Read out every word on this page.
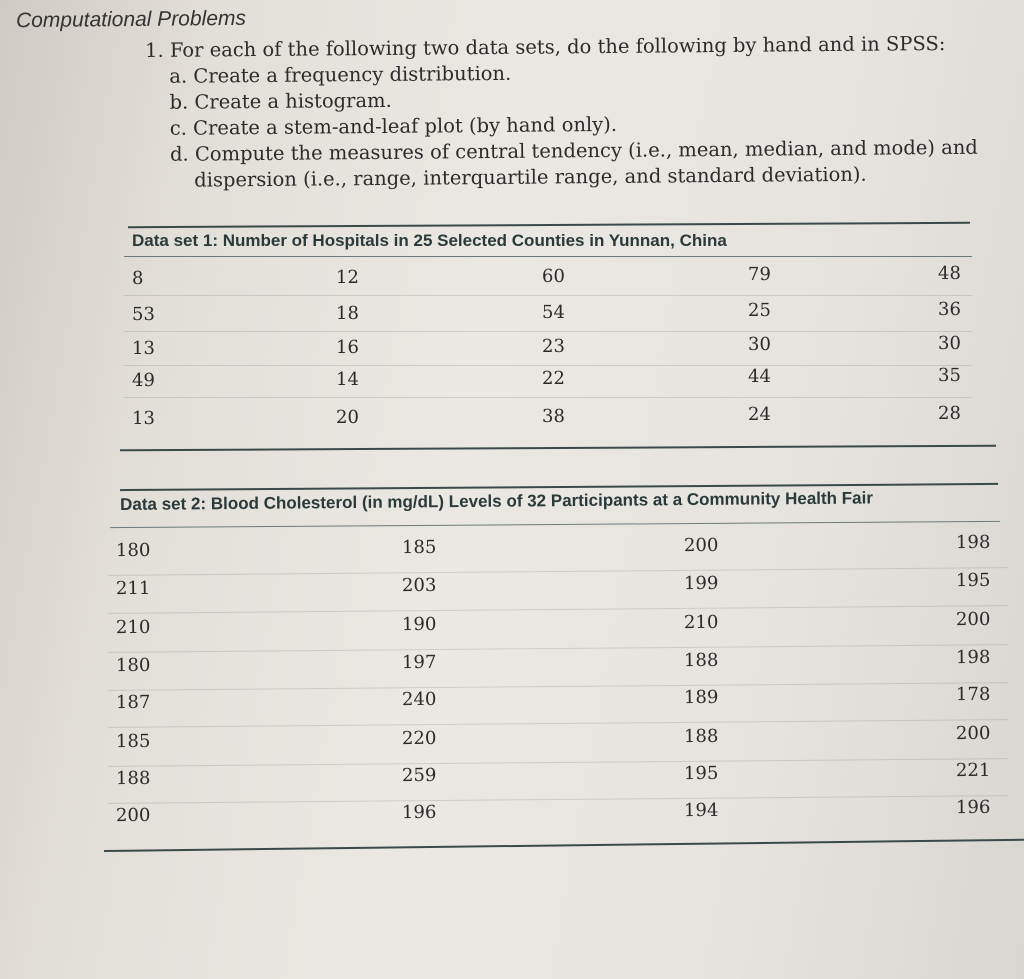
Computational Problems
1. For each of the following two data sets, do the following by hand and in SPSS:
a. Create a frequency distribution.
b. Create a histogram.
c. Create a stem-and-leaf plot (by hand only).
d. Compute the measures of central tendency (i.e., mean, median, and mode) and
dispersion (i.e., range, interquartile range, and standard deviation).
Data set 1: Number of Hospitals in 25 Selected Counties in Yunnan, China
8	12	60	79	48
53	18	54	25	36
13	16	23	30	30
49	14	22	44	35
13	20	38	24	28
Data set 2: Blood Cholesterol (in mg/dL) Levels of 32 Participants at a Community Health Fair
180	185	200	198
211	203	199	195
210	190	210	200
180	197	188	198
187	240	189	178
185	220	188	200
188	259	195	221
200	196	194	196
